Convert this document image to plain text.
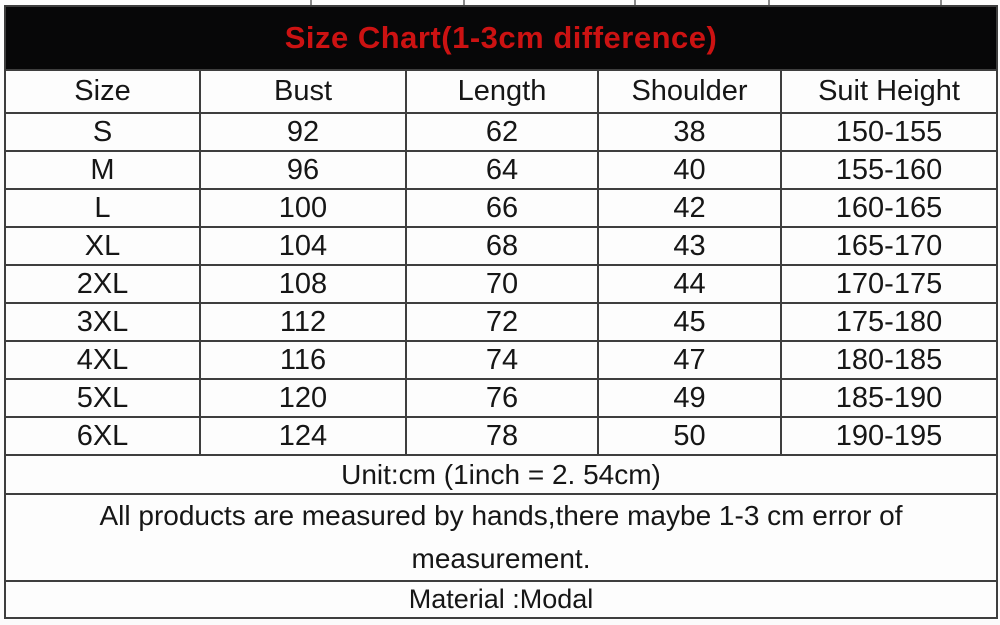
Size Chart(1-3cm difference)				
Size	Bust	Length	Shoulder	Suit Height
S	92	62	38	150-155
M	96	64	40	155-160
L	100	66	42	160-165
XL	104	68	43	165-170
2XL	108	70	44	170-175
3XL	112	72	45	175-180
4XL	116	74	47	180-185
5XL	120	76	49	185-190
6XL	124	78	50	190-195
Unit:cm (1inch = 2. 54cm)				
All products are measured by hands,there maybe 1-3 cm error of measurement.				
Material :Modal				
